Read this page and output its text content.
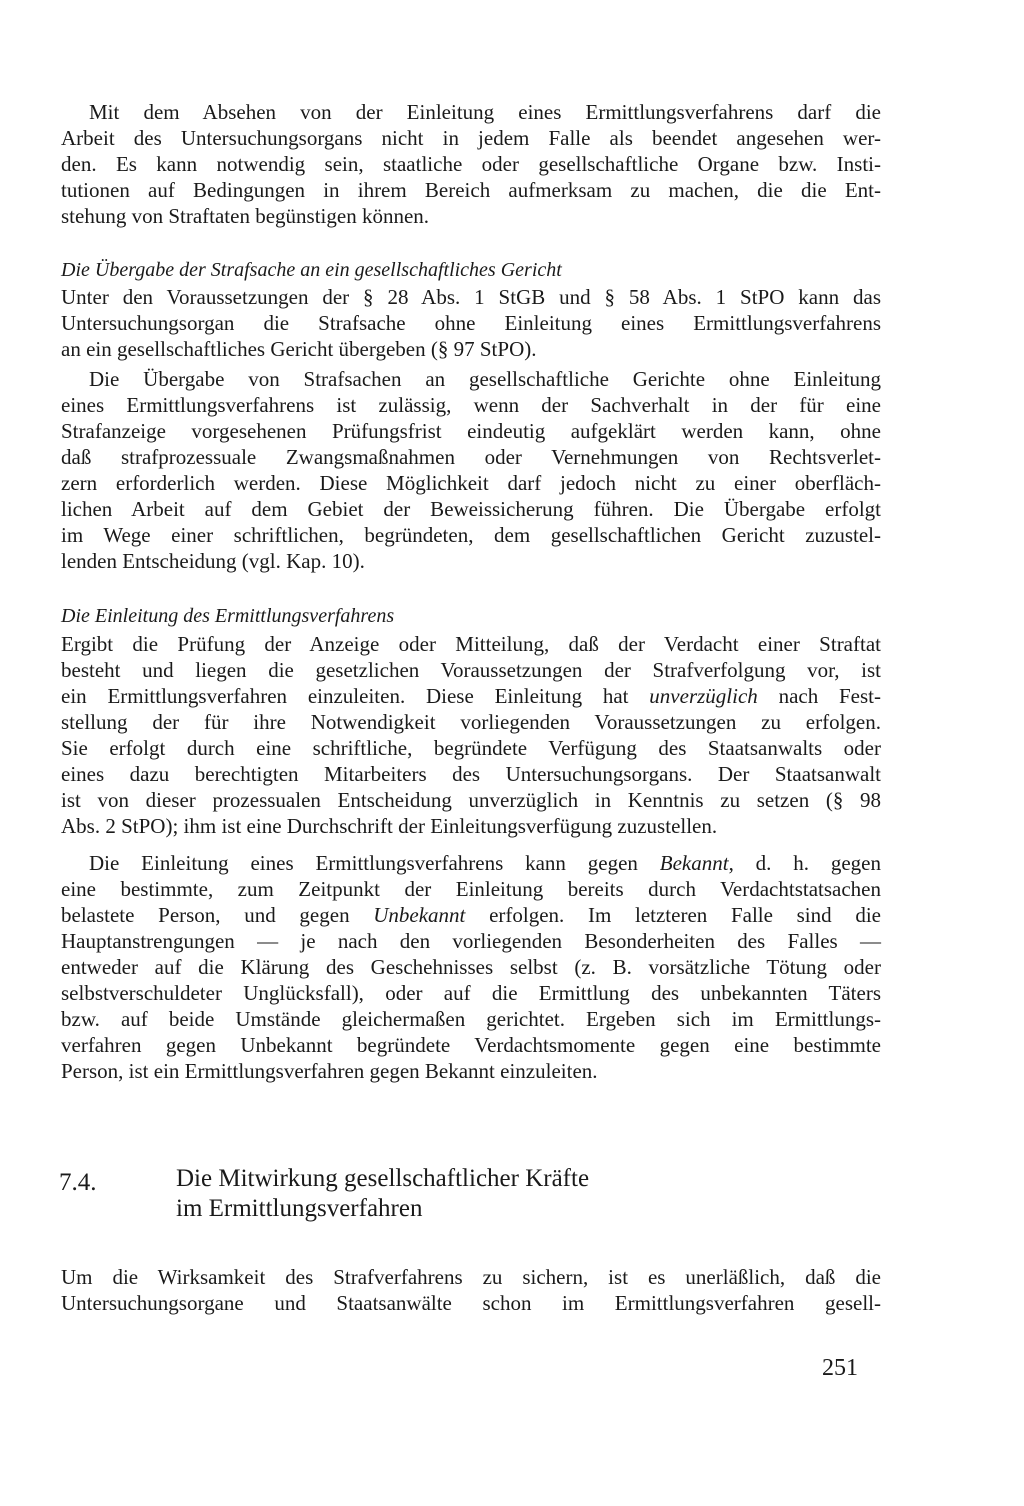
Mit dem Absehen von der Einleitung eines Ermittlungsverfahrens darf die
Arbeit des Untersuchungsorgans nicht in jedem Falle als beendet angesehen wer-
den. Es kann notwendig sein, staatliche oder gesellschaftliche Organe bzw. Insti-
tutionen auf Bedingungen in ihrem Bereich aufmerksam zu machen, die die Ent-
stehung von Straftaten begünstigen können.
Die Übergabe der Strafsache an ein gesellschaftliches Gericht
Unter den Voraussetzungen der § 28 Abs. 1 StGB und § 58 Abs. 1 StPO kann das
Untersuchungsorgan die Strafsache ohne Einleitung eines Ermittlungsverfahrens
an ein gesellschaftliches Gericht übergeben (§ 97 StPO).
Die Übergabe von Strafsachen an gesellschaftliche Gerichte ohne Einleitung
eines Ermittlungsverfahrens ist zulässig, wenn der Sachverhalt in der für eine
Strafanzeige vorgesehenen Prüfungsfrist eindeutig aufgeklärt werden kann, ohne
daß strafprozessuale Zwangsmaßnahmen oder Vernehmungen von Rechtsverlet-
zern erforderlich werden. Diese Möglichkeit darf jedoch nicht zu einer oberfläch-
lichen Arbeit auf dem Gebiet der Beweissicherung führen. Die Übergabe erfolgt
im Wege einer schriftlichen, begründeten, dem gesellschaftlichen Gericht zuzustel-
lenden Entscheidung (vgl. Kap. 10).
Die Einleitung des Ermittlungsverfahrens
Ergibt die Prüfung der Anzeige oder Mitteilung, daß der Verdacht einer Straftat
besteht und liegen die gesetzlichen Voraussetzungen der Strafverfolgung vor, ist
ein Ermittlungsverfahren einzuleiten. Diese Einleitung hat unverzüglich nach Fest-
stellung der für ihre Notwendigkeit vorliegenden Voraussetzungen zu erfolgen.
Sie erfolgt durch eine schriftliche, begründete Verfügung des Staatsanwalts oder
eines dazu berechtigten Mitarbeiters des Untersuchungsorgans. Der Staatsanwalt
ist von dieser prozessualen Entscheidung unverzüglich in Kenntnis zu setzen (§ 98
Abs. 2 StPO); ihm ist eine Durchschrift der Einleitungsverfügung zuzustellen.
Die Einleitung eines Ermittlungsverfahrens kann gegen Bekannt, d. h. gegen
eine bestimmte, zum Zeitpunkt der Einleitung bereits durch Verdachtstatsachen
belastete Person, und gegen Unbekannt erfolgen. Im letzteren Falle sind die
Hauptanstrengungen — je nach den vorliegenden Besonderheiten des Falles —
entweder auf die Klärung des Geschehnisses selbst (z. B. vorsätzliche Tötung oder
selbstverschuldeter Unglücksfall), oder auf die Ermittlung des unbekannten Täters
bzw. auf beide Umstände gleichermaßen gerichtet. Ergeben sich im Ermittlungs-
verfahren gegen Unbekannt begründete Verdachtsmomente gegen eine bestimmte
Person, ist ein Ermittlungsverfahren gegen Bekannt einzuleiten.
7.4.	Die Mitwirkung gesellschaftlicher Kräfte
im Ermittlungsverfahren
Um die Wirksamkeit des Strafverfahrens zu sichern, ist es unerläßlich, daß die
Untersuchungsorgane und Staatsanwälte schon im Ermittlungsverfahren gesell-
251
